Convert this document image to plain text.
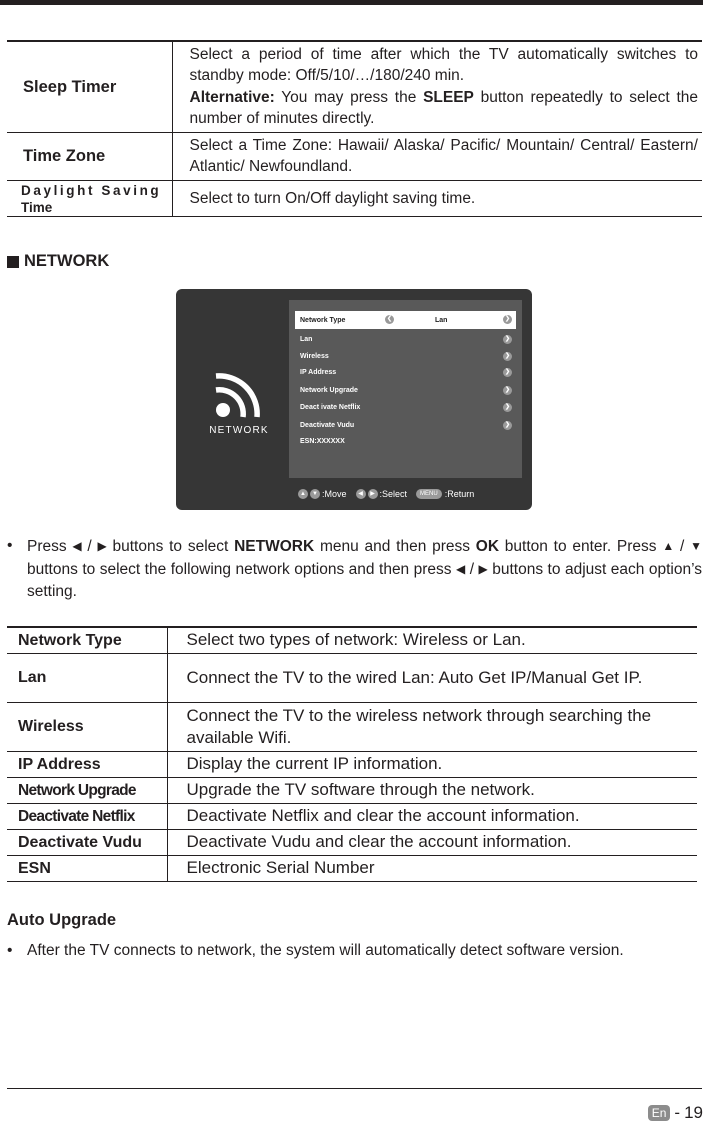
Sleep Timer	Select a period of time after which the TV automatically switches to standby mode: Off/5/10/…/180/240 min.
Alternative: You may press the SLEEP button repeatedly to select the number of minutes directly.

Time Zone	Select a Time Zone: Hawaii/ Alaska/ Pacific/ Mountain/ Central/ Eastern/ Atlantic/ Newfoundland.

Daylight Saving
Time	Select to turn On/Off daylight saving time.
NETWORK
NETWORK
Network Type	❮	Lan	❯
Lan	❯
Wireless	❯
IP Address	❯
Network Upgrade	❯
Deact ivate Netflix	❯
Deactivate Vudu	❯
ESN:XXXXXX
▲	▼ :Move	◀	▶ :Select	MENU :Return
• Press ◀ / ▶ buttons to select NETWORK menu and then press OK button to enter. Press ▲ / ▼ buttons to select the following network options and then press ◀ / ▶ buttons to adjust each option’s setting.
Network Type	Select two types of network: Wireless or Lan.
Lan	Connect the TV to the wired Lan: Auto Get IP/Manual Get IP.
Wireless	Connect the TV to the wireless network through searching the available Wifi.
IP Address	Display the current IP information.
Network Upgrade	Upgrade the TV software through the network.
Deactivate Netflix	Deactivate Netflix and clear the account information.
Deactivate Vudu	Deactivate Vudu and clear the account information.
ESN	Electronic Serial Number
Auto Upgrade
• After the TV connects to network, the system will automatically detect software version.
En - 19
